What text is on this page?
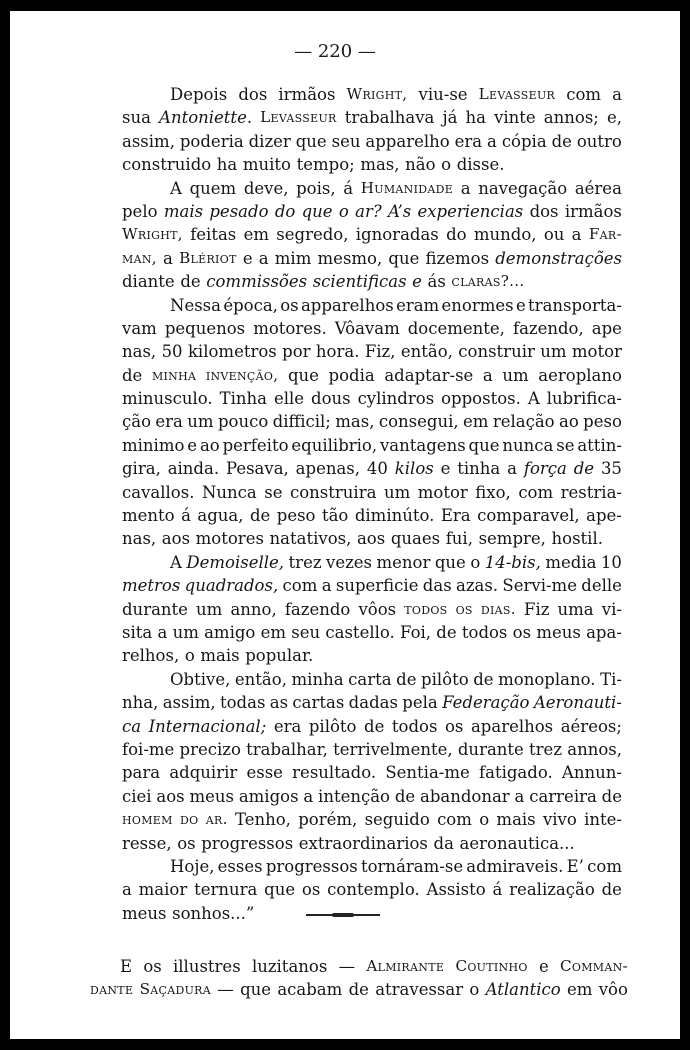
— 220 —
Depois dos irmãos Wright, viu-se Levasseur com a
sua Antoniette. Levasseur trabalhava já ha vinte annos; e,
assim, poderia dizer que seu apparelho era a cópia de outro
construido ha muito tempo; mas, não o disse.
A quem deve, pois, á Humanidade a navegação aérea
pelo mais pesado do que o ar? A’s experiencias dos irmãos
Wright, feitas em segredo, ignoradas do mundo, ou a Far-
man, a Blériot e a mim mesmo, que fizemos demonstrações
diante de commissões scientificas e ás claras?...
Nessa época, os apparelhos eram enormes e transporta-
vam pequenos motores. Vôavam docemente, fazendo, ape
nas, 50 kilometros por hora. Fiz, então, construir um motor
de minha invenção, que podia adaptar-se a um aeroplano
minusculo. Tinha elle dous cylindros oppostos. A lubrifica-
ção era um pouco difficil; mas, consegui, em relação ao peso
minimo e ao perfeito equilibrio, vantagens que nunca se attin-
gira, ainda. Pesava, apenas, 40 kilos e tinha a força de 35
cavallos. Nunca se construira um motor fixo, com restria-
mento á agua, de peso tão diminúto. Era comparavel, ape-
nas, aos motores natativos, aos quaes fui, sempre, hostil.
A Demoiselle, trez vezes menor que o 14-bis, media 10
metros quadrados, com a superficie das azas. Servi-me delle
durante um anno, fazendo vôos todos os dias. Fiz uma vi-
sita a um amigo em seu castello. Foi, de todos os meus apa-
relhos, o mais popular.
Obtive, então, minha carta de pilôto de monoplano. Ti-
nha, assim, todas as cartas dadas pela Federação Aeronauti-
ca Internacional; era pilôto de todos os aparelhos aéreos;
foi-me precizo trabalhar, terrivelmente, durante trez annos,
para adquirir esse resultado. Sentia-me fatigado. Annun-
ciei aos meus amigos a intenção de abandonar a carreira de
homem do ar. Tenho, porém, seguido com o mais vivo inte-
resse, os progressos extraordinarios da aeronautica...
Hoje, esses progressos tornáram-se admiraveis. E’ com
a maior ternura que os contemplo. Assisto á realização de
meus sonhos...”
E os illustres luzitanos — Almirante Coutinho e Comman-
dante Saçadura — que acabam de atravessar o Atlantico em vôo
